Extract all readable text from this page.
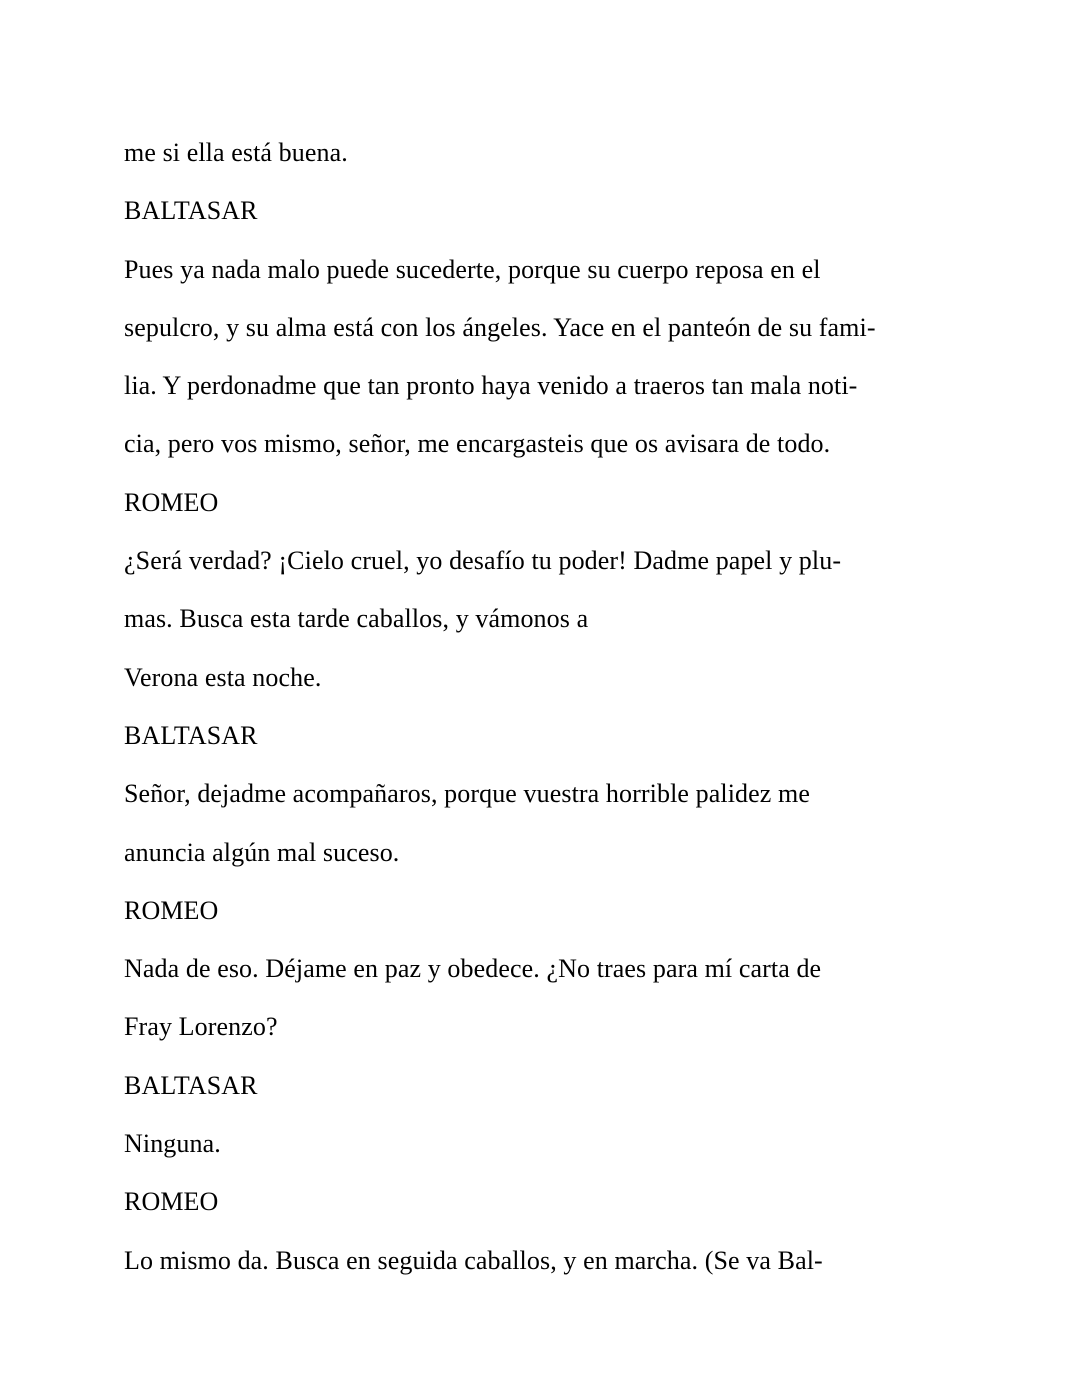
me si ella está buena.
BALTASAR
Pues ya nada malo puede sucederte, porque su cuerpo reposa en el
sepulcro, y su alma está con los ángeles. Yace en el panteón de su fami-
lia. Y perdonadme que tan pronto haya venido a traeros tan mala noti-
cia, pero vos mismo, señor, me encargasteis que os avisara de todo.
ROMEO
¿Será verdad? ¡Cielo cruel, yo desafío tu poder! Dadme papel y plu-
mas. Busca esta tarde caballos, y vámonos a
Verona esta noche.
BALTASAR
Señor, dejadme acompañaros, porque vuestra horrible palidez me
anuncia algún mal suceso.
ROMEO
Nada de eso. Déjame en paz y obedece. ¿No traes para mí carta de
Fray Lorenzo?
BALTASAR
Ninguna.
ROMEO
Lo mismo da. Busca en seguida caballos, y en marcha. (Se va Bal-
